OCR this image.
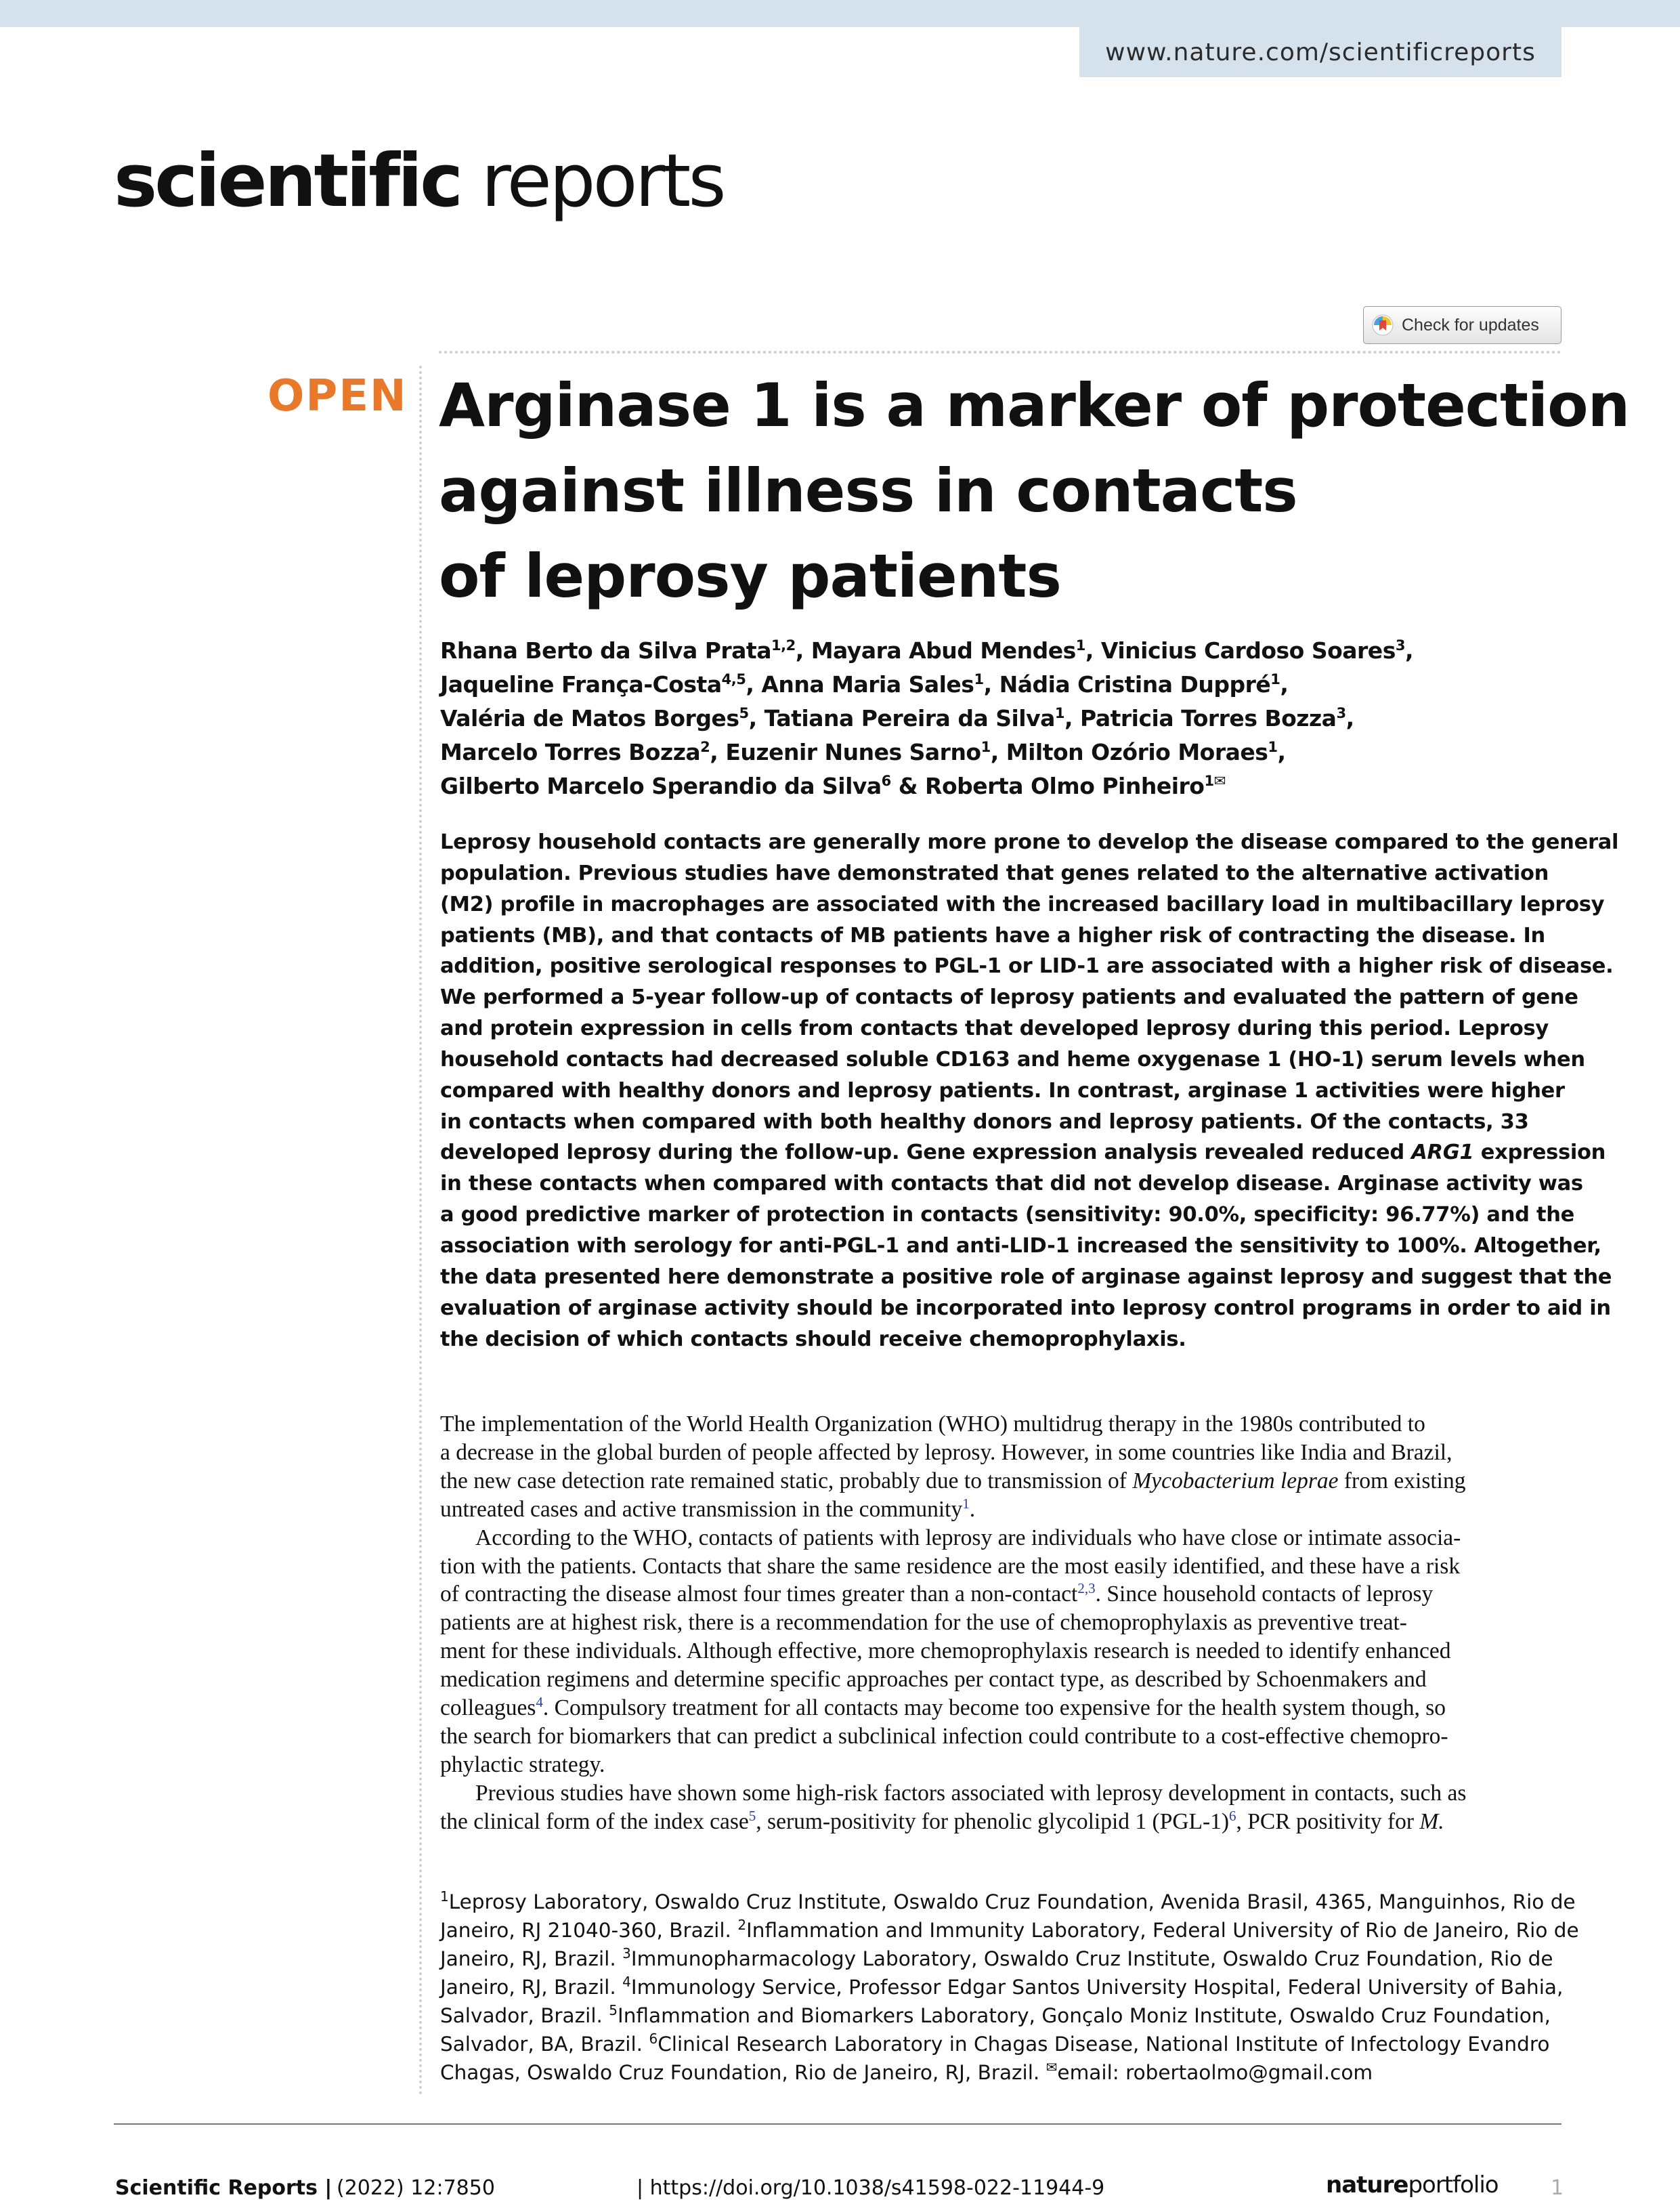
www.nature.com/scientificreports
scientific reports
Check for updates
OPEN Arginase 1 is a marker of protection
against illness in contacts
of leprosy patients
Rhana Berto da Silva Prata$^{1,2}$, Mayara Abud Mendes$^1$, Vinicius Cardoso Soares$^3$,
Jaqueline França-Costa$^{4,5}$, Anna Maria Sales$^1$, Nádia Cristina Duppré$^1$,
Valéria de Matos Borges$^5$, Tatiana Pereira da Silva$^1$, Patricia Torres Bozza$^3$,
Marcelo Torres Bozza$^2$, Euzenir Nunes Sarno$^1$, Milton Ozório Moraes$^1$,
Gilberto Marcelo Sperandio da Silva$^6$ & Roberta Olmo Pinheiro$^{1✉}$
Leprosy household contacts are generally more prone to develop the disease compared to the general
population. Previous studies have demonstrated that genes related to the alternative activation
(M2) profile in macrophages are associated with the increased bacillary load in multibacillary leprosy
patients (MB), and that contacts of MB patients have a higher risk of contracting the disease. In
addition, positive serological responses to PGL-1 or LID-1 are associated with a higher risk of disease.
We performed a 5-year follow-up of contacts of leprosy patients and evaluated the pattern of gene
and protein expression in cells from contacts that developed leprosy during this period. Leprosy
household contacts had decreased soluble CD163 and heme oxygenase 1 (HO-1) serum levels when
compared with healthy donors and leprosy patients. In contrast, arginase 1 activities were higher
in contacts when compared with both healthy donors and leprosy patients. Of the contacts, 33
developed leprosy during the follow-up. Gene expression analysis revealed reduced ARG1 expression
in these contacts when compared with contacts that did not develop disease. Arginase activity was
a good predictive marker of protection in contacts (sensitivity: 90.0%, specificity: 96.77%) and the
association with serology for anti-PGL-1 and anti-LID-1 increased the sensitivity to 100%. Altogether,
the data presented here demonstrate a positive role of arginase against leprosy and suggest that the
evaluation of arginase activity should be incorporated into leprosy control programs in order to aid in
the decision of which contacts should receive chemoprophylaxis.
The implementation of the World Health Organization (WHO) multidrug therapy in the 1980s contributed to
a decrease in the global burden of people affected by leprosy. However, in some countries like India and Brazil,
the new case detection rate remained static, probably due to transmission of Mycobacterium leprae from existing
untreated cases and active transmission in the community$^1$.
According to the WHO, contacts of patients with leprosy are individuals who have close or intimate associa-
tion with the patients. Contacts that share the same residence are the most easily identified, and these have a risk
of contracting the disease almost four times greater than a non-contact$^{2,3}$. Since household contacts of leprosy
patients are at highest risk, there is a recommendation for the use of chemoprophylaxis as preventive treat-
ment for these individuals. Although effective, more chemoprophylaxis research is needed to identify enhanced
medication regimens and determine specific approaches per contact type, as described by Schoenmakers and
colleagues$^4$. Compulsory treatment for all contacts may become too expensive for the health system though, so
the search for biomarkers that can predict a subclinical infection could contribute to a cost-effective chemopro-
phylactic strategy.
Previous studies have shown some high-risk factors associated with leprosy development in contacts, such as
the clinical form of the index case$^5$, serum-positivity for phenolic glycolipid 1 $(PGL-1)^6$, PCR positivity for M.
$^1$Leprosy Laboratory, Oswaldo Cruz Institute, Oswaldo Cruz Foundation, Avenida Brasil, 4365, Manguinhos, Rio de
Janeiro, RJ 21040-360, Brazil. $^2$Inflammation and Immunity Laboratory, Federal University of Rio de Janeiro, Rio de
Janeiro, RJ, Brazil. $^3$Immunopharmacology Laboratory, Oswaldo Cruz Institute, Oswaldo Cruz Foundation, Rio de
Janeiro, RJ, Brazil. $^4$Immunology Service, Professor Edgar Santos University Hospital, Federal University of Bahia,
Salvador, Brazil. $^5$Inflammation and Biomarkers Laboratory, Gonçalo Moniz Institute, Oswaldo Cruz Foundation,
Salvador, BA, Brazil. $^6$Clinical Research Laboratory in Chagas Disease, National Institute of Infectology Evandro
Chagas, Oswaldo Cruz Foundation, Rio de Janeiro, RJ, Brazil. ✉email: robertaolmo@gmail.com
Scientific Reports | (2022) 12:7850	| https://doi.org/10.1038/s41598-022-11944-9	natureportfolio	1
